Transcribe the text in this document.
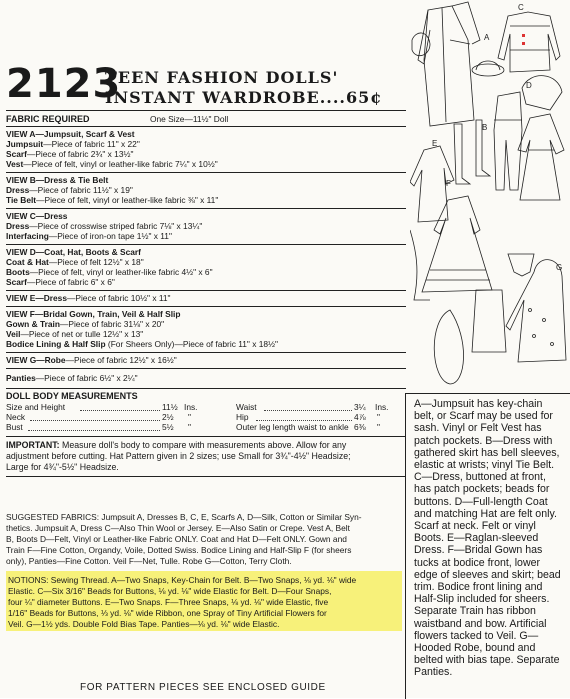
2123
TEEN FASHION DOLLS'
INSTANT WARDROBE....65¢
FABRIC REQUIRED	One Size—11½" Doll
VIEW A—Jumpsuit, Scarf & Vest
Jumpsuit—Piece of fabric 11" x 22"
Scarf—Piece of fabric 2¾" x 13½"
Vest—Piece of felt, vinyl or leather-like fabric 7¼" x 10½"
VIEW B—Dress & Tie Belt
Dress—Piece of fabric 11½" x 19"
Tie Belt—Piece of felt, vinyl or leather-like fabric ⅜" x 11"
VIEW C—Dress
Dress—Piece of crosswise striped fabric 7⅛" x 13¼"
Interfacing—Piece of iron-on tape 1½" x 11"
VIEW D—Coat, Hat, Boots & Scarf
Coat & Hat—Piece of felt 12½" x 18"
Boots—Piece of felt, vinyl or leather-like fabric 4½" x 6"
Scarf—Piece of fabric 6" x 6"
VIEW E—Dress—Piece of fabric 10½" x 11"
VIEW F—Bridal Gown, Train, Veil & Half Slip
Gown & Train—Piece of fabric 31⅛" x 20"
Veil—Piece of net or tulle 12½" x 13"
Bodice Lining & Half Slip (For Sheers Only)—Piece of fabric 11" x 18½"
VIEW G—Robe—Piece of fabric 12½" x 16½"
Panties—Piece of fabric 6½" x 2¼"
DOLL BODY MEASUREMENTS
Size and Height	11½ Ins.	Waist	3¼ Ins.
Neck	2½ "	Hip	4⅞ "
Bust	5½ "	Outer leg length waist to ankle 6⅜ "
IMPORTANT: Measure doll's body to compare with measurements above. Allow for any
adjustment before cutting. Hat Pattern given in 2 sizes; use Small for 3¾"-4½" Headsize;
Large for 4¾"-5½" Headsize.
SUGGESTED FABRICS: Jumpsuit A, Dresses B, C, E, Scarfs A, D—Silk, Cotton or Similar Syn-
thetics. Jumpsuit A, Dress C—Also Thin Wool or Jersey. E—Also Satin or Crepe. Vest A, Belt
B, Boots D—Felt, Vinyl or Leather-like Fabric ONLY. Coat and Hat D—Felt ONLY. Gown and
Train F—Fine Cotton, Organdy, Voile, Dotted Swiss. Bodice Lining and Half-Slip F (for sheers
only), Panties—Fine Cotton. Veil F—Net, Tulle. Robe G—Cotton, Terry Cloth.
NOTIONS: Sewing Thread. A—Two Snaps, Key-Chain for Belt. B—Two Snaps, ⅛ yd. ⅛" wide
Elastic. C—Six 3/16" Beads for Buttons, ⅛ yd. ⅛" wide Elastic for Belt. D—Four Snaps,
four ¼" diameter Buttons. E—Two Snaps. F—Three Snaps, ⅛ yd. ⅛" wide Elastic, five
1/16" Beads for Buttons, ⅓ yd. ⅛" wide Ribbon, one Spray of Tiny Artificial Flowers for
Veil. G—1½ yds. Double Fold Bias Tape. Panties—⅛ yd. ⅛" wide Elastic.
A
C
D
B
E
F
G
A—Jumpsuit has key-chain
belt, or Scarf may be used for
sash. Vinyl or Felt Vest has
patch pockets. B—Dress with
gathered skirt has bell sleeves,
elastic at wrists; vinyl Tie Belt.
C—Dress, buttoned at front,
has patch pockets; beads for
buttons. D—Full-length Coat
and matching Hat are felt only.
Scarf at neck. Felt or vinyl
Boots. E—Raglan-sleeved
Dress. F—Bridal Gown has
tucks at bodice front, lower
edge of sleeves and skirt; bead
trim. Bodice front lining and
Half-Slip included for sheers.
Separate Train has ribbon
waistband and bow. Artificial
flowers tacked to Veil. G—
Hooded Robe, bound and
belted with bias tape. Separate
Panties.
FOR PATTERN PIECES SEE ENCLOSED GUIDE
